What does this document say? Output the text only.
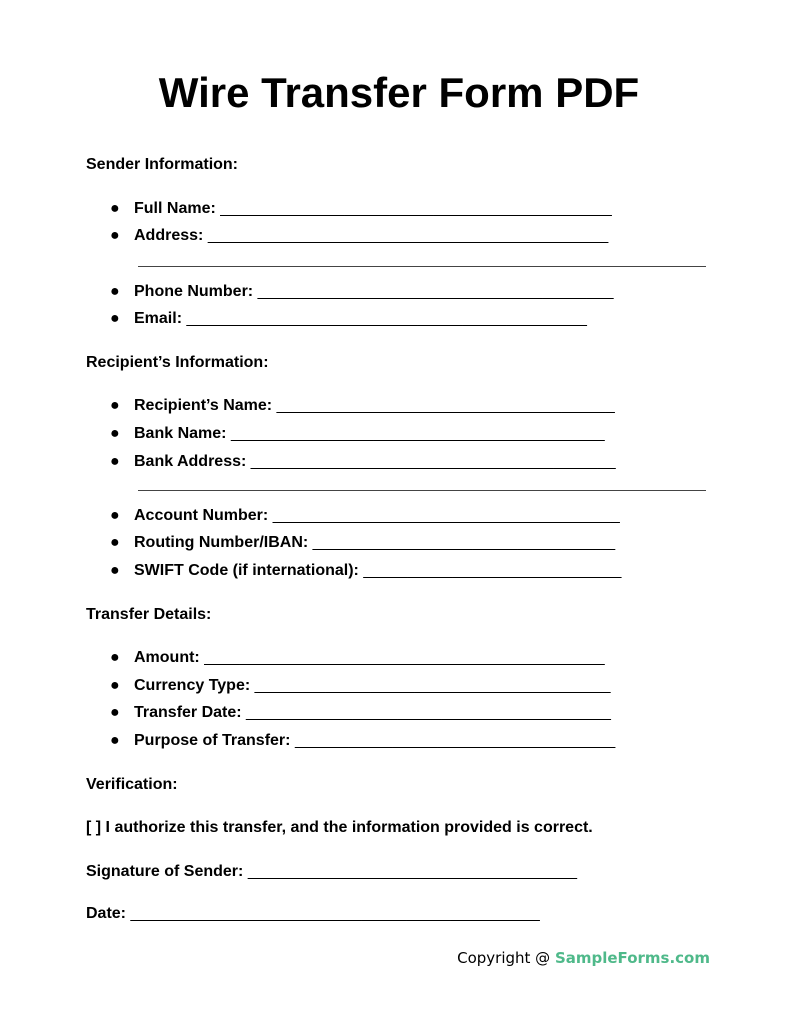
Wire Transfer Form PDF
Sender Information:
● Full Name: ____________________________________________
● Address: _____________________________________________
● Phone Number: ________________________________________
● Email: _____________________________________________
Recipient’s Information:
● Recipient’s Name: ______________________________________
● Bank Name: __________________________________________
● Bank Address: _________________________________________
● Account Number: _______________________________________
● Routing Number/IBAN: __________________________________
● SWIFT Code (if international): _____________________________
Transfer Details:
● Amount: _____________________________________________
● Currency Type: ________________________________________
● Transfer Date: _________________________________________
● Purpose of Transfer: ____________________________________
Verification:
[ ] I authorize this transfer, and the information provided is correct.
Signature of Sender: _____________________________________
Date: ______________________________________________
Copyright @ SampleForms.com
